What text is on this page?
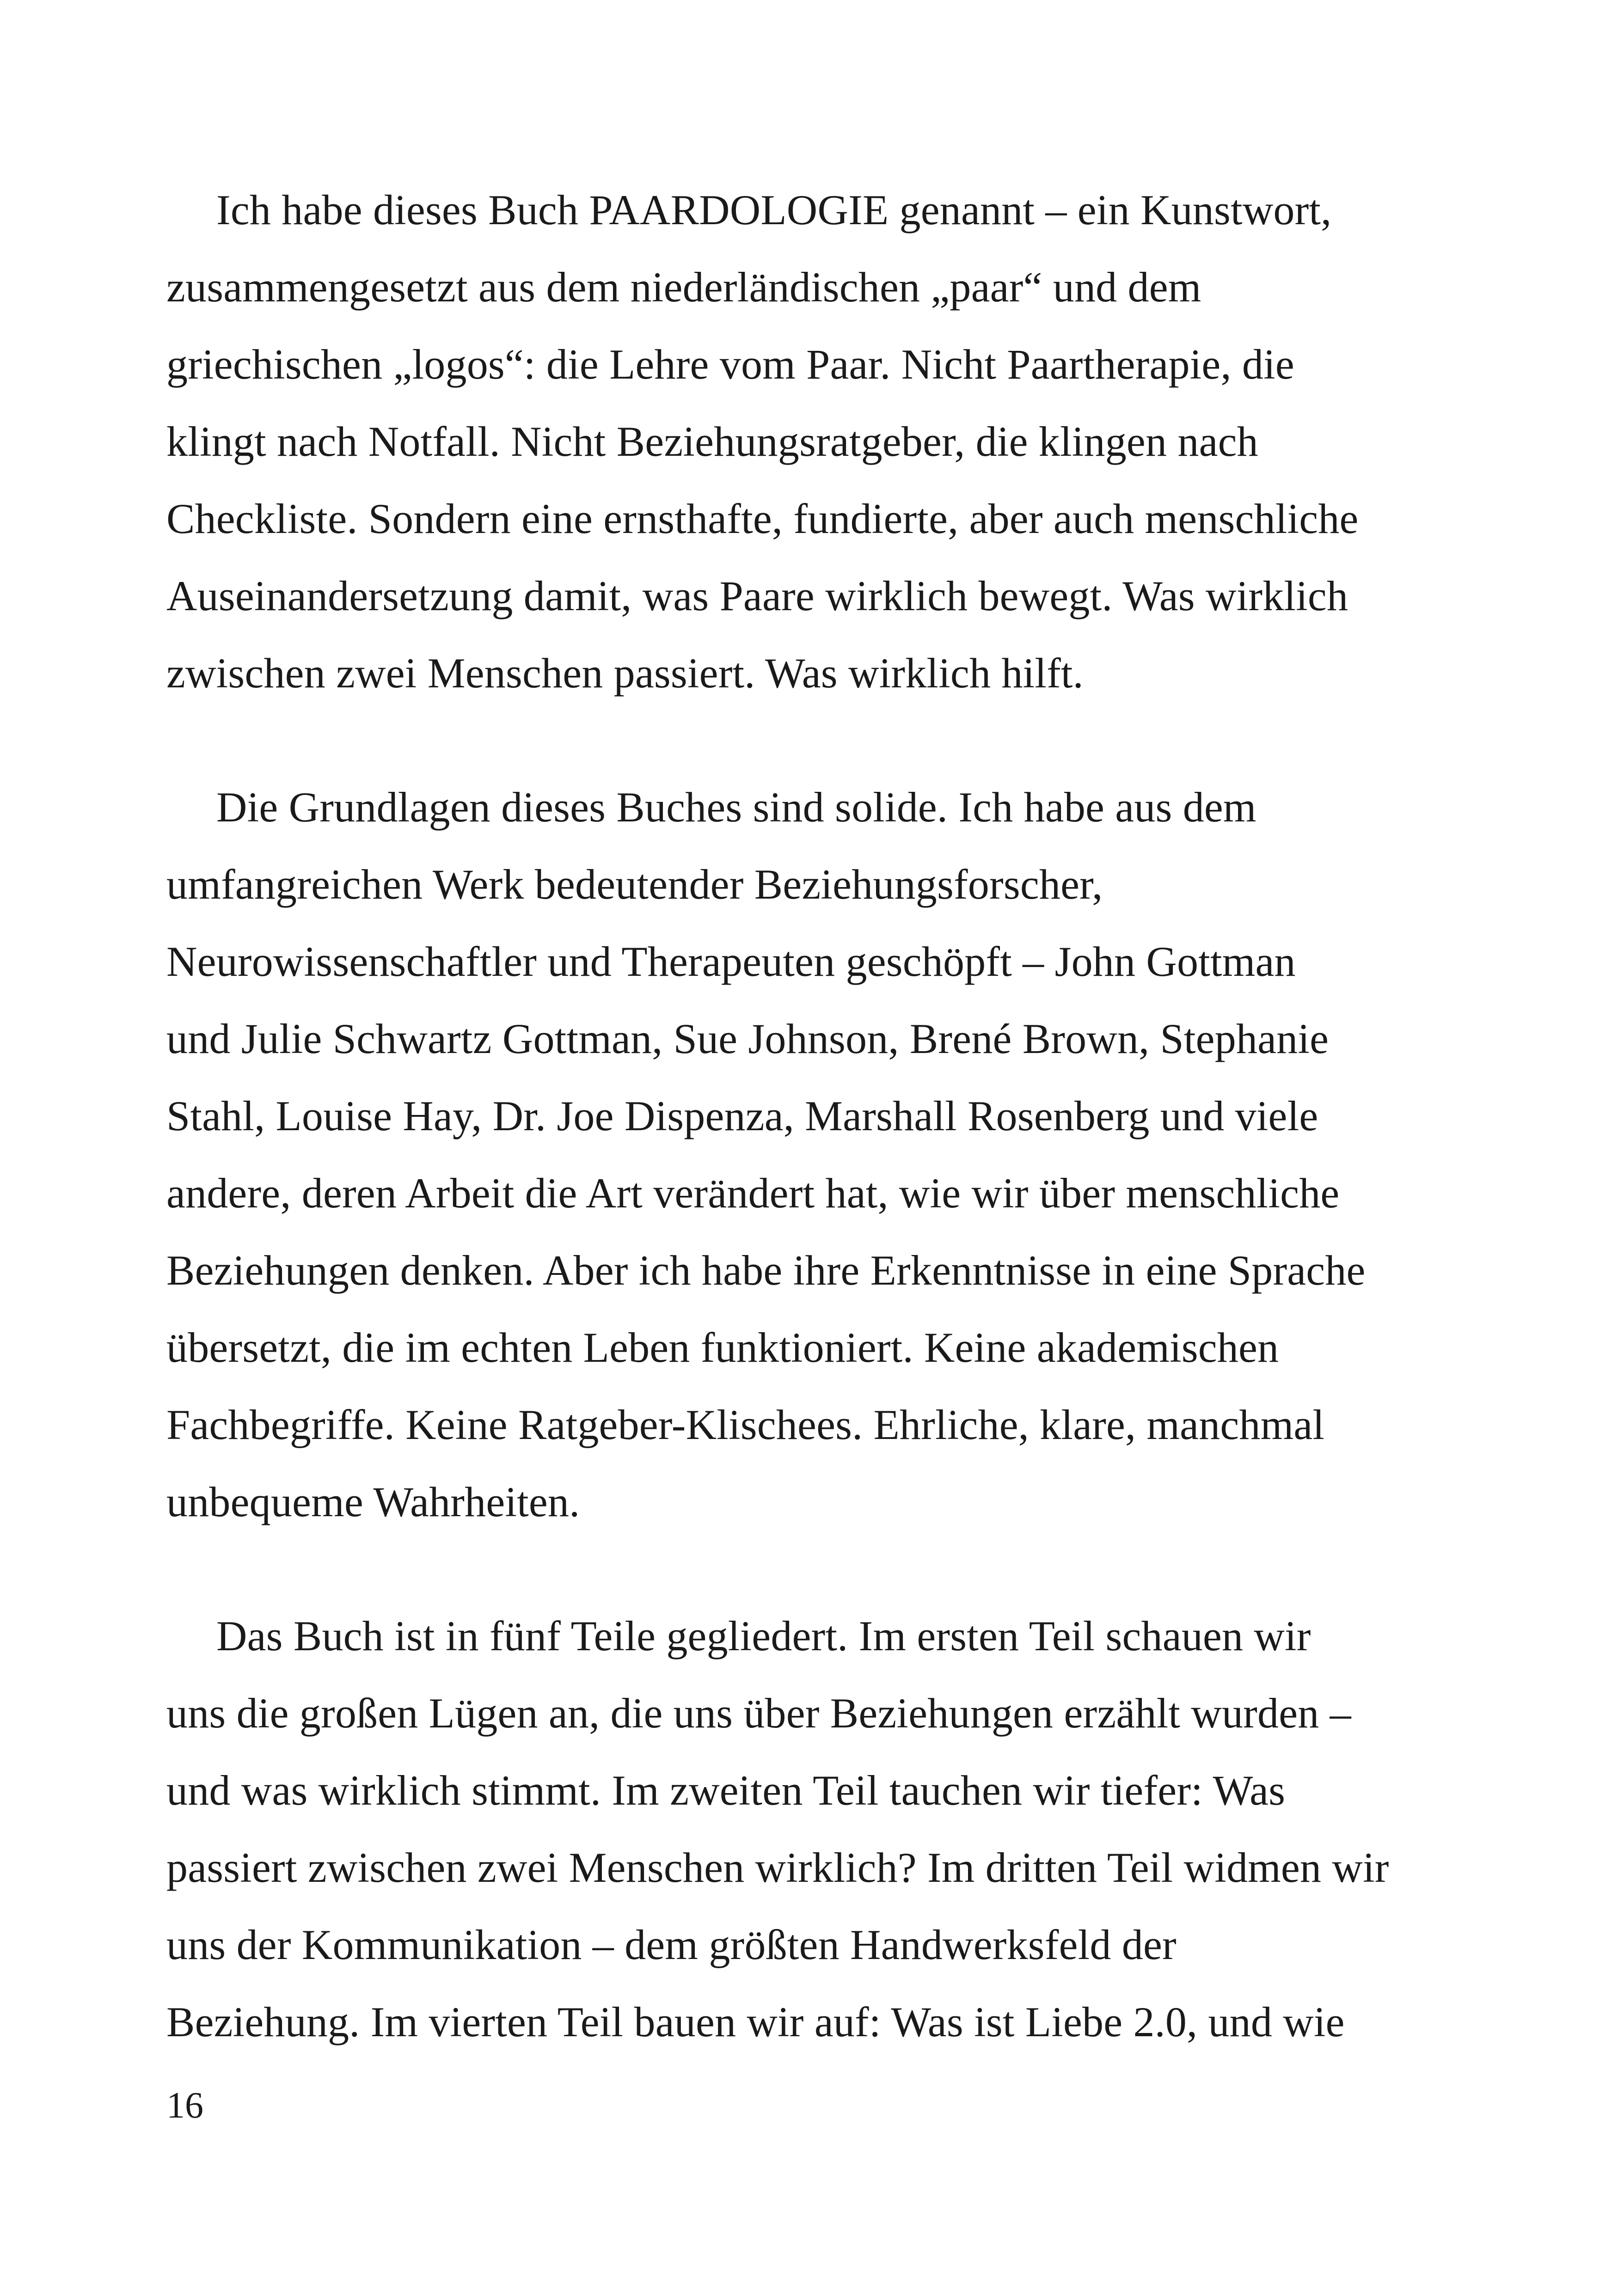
Ich habe dieses Buch PAARDOLOGIE genannt – ein Kunstwort,
zusammengesetzt aus dem niederländischen „paar“ und dem
griechischen „logos“: die Lehre vom Paar. Nicht Paartherapie, die
klingt nach Notfall. Nicht Beziehungsratgeber, die klingen nach
Checkliste. Sondern eine ernsthafte, fundierte, aber auch menschliche
Auseinandersetzung damit, was Paare wirklich bewegt. Was wirklich
zwischen zwei Menschen passiert. Was wirklich hilft.
Die Grundlagen dieses Buches sind solide. Ich habe aus dem
umfangreichen Werk bedeutender Beziehungsforscher,
Neurowissenschaftler und Therapeuten geschöpft – John Gottman
und Julie Schwartz Gottman, Sue Johnson, Brené Brown, Stephanie
Stahl, Louise Hay, Dr. Joe Dispenza, Marshall Rosenberg und viele
andere, deren Arbeit die Art verändert hat, wie wir über menschliche
Beziehungen denken. Aber ich habe ihre Erkenntnisse in eine Sprache
übersetzt, die im echten Leben funktioniert. Keine akademischen
Fachbegriffe. Keine Ratgeber-Klischees. Ehrliche, klare, manchmal
unbequeme Wahrheiten.
Das Buch ist in fünf Teile gegliedert. Im ersten Teil schauen wir
uns die großen Lügen an, die uns über Beziehungen erzählt wurden –
und was wirklich stimmt. Im zweiten Teil tauchen wir tiefer: Was
passiert zwischen zwei Menschen wirklich? Im dritten Teil widmen wir
uns der Kommunikation – dem größten Handwerksfeld der
Beziehung. Im vierten Teil bauen wir auf: Was ist Liebe 2.0, und wie
16
